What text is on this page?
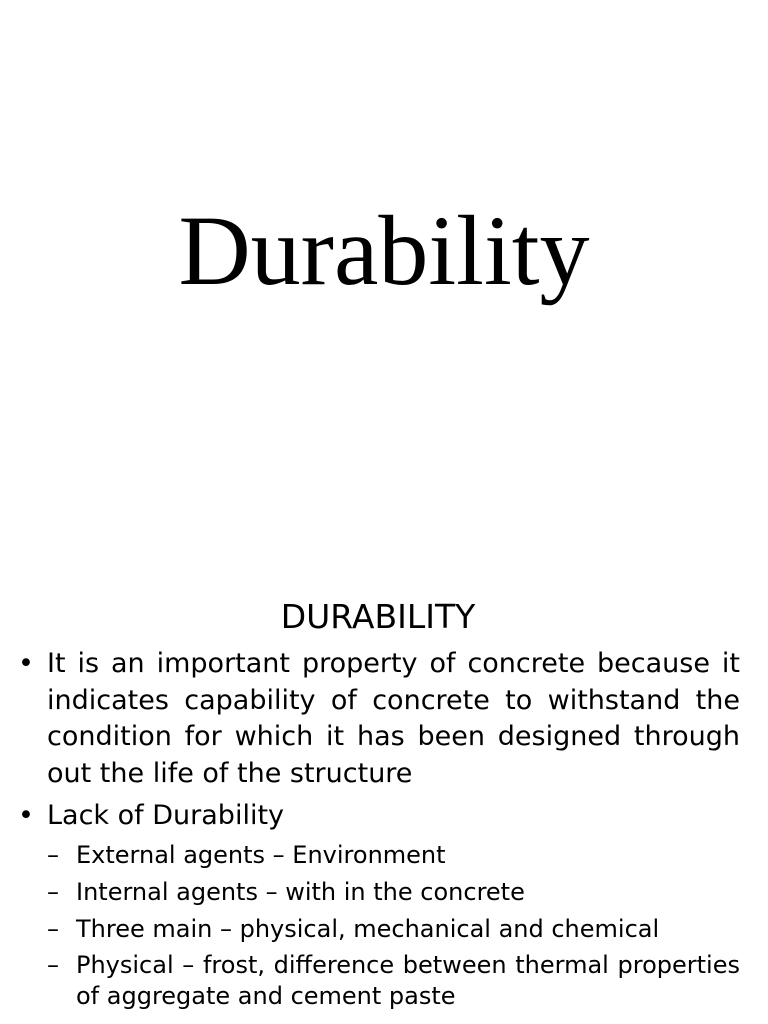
Durability
DURABILITY
• It is an important property of concrete because it indicates capability of concrete to withstand the condition for which it has been designed through out the life of the structure
• Lack of Durability
– External agents – Environment
– Internal agents – with in the concrete
– Three main – physical, mechanical and chemical
– Physical – frost, difference between thermal properties of aggregate and cement paste
